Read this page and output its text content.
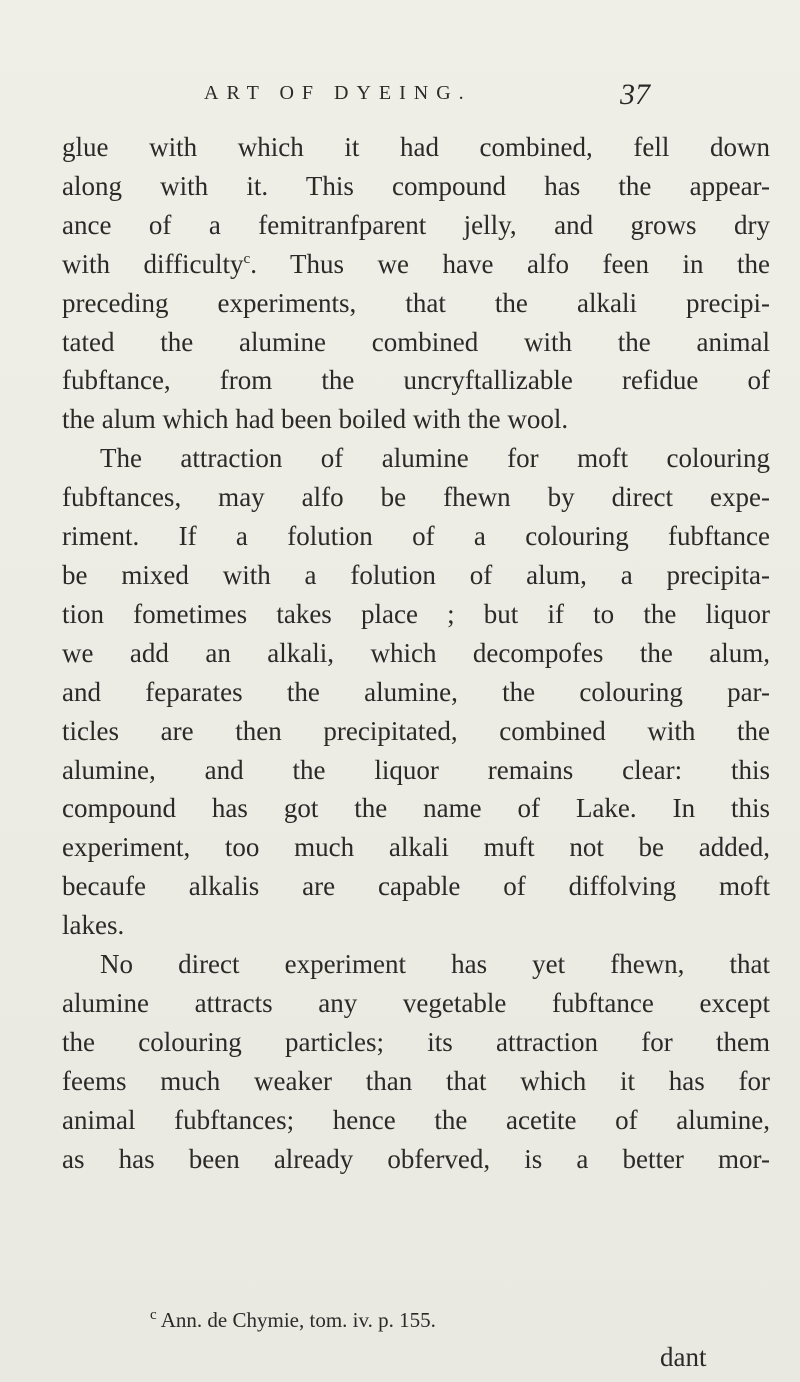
ART OF DYEING.	37
glue with which it had combined, fell down
along with it. This compound has the appear-
ance of a femitranfparent jelly, and grows dry
with difficulty$^c$. Thus we have alfo feen in the
preceding experiments, that the alkali precipi-
tated the alumine combined with the animal
fubftance, from the uncryftallizable refidue of
the alum which had been boiled with the wool.
The attraction of alumine for moft colouring
fubftances, may alfo be fhewn by direct expe-
riment. If a folution of a colouring fubftance
be mixed with a folution of alum, a precipita-
tion fometimes takes place ; but if to the liquor
we add an alkali, which decompofes the alum,
and feparates the alumine, the colouring par-
ticles are then precipitated, combined with the
alumine, and the liquor remains clear: this
compound has got the name of Lake. In this
experiment, too much alkali muft not be added,
becaufe alkalis are capable of diffolving moft
lakes.
No direct experiment has yet fhewn, that
alumine attracts any vegetable fubftance except
the colouring particles; its attraction for them
feems much weaker than that which it has for
animal fubftances; hence the acetite of alumine,
as has been already obferved, is a better mor-
$^c$ Ann. de Chymie, tom. iv. p. 155.
dant
